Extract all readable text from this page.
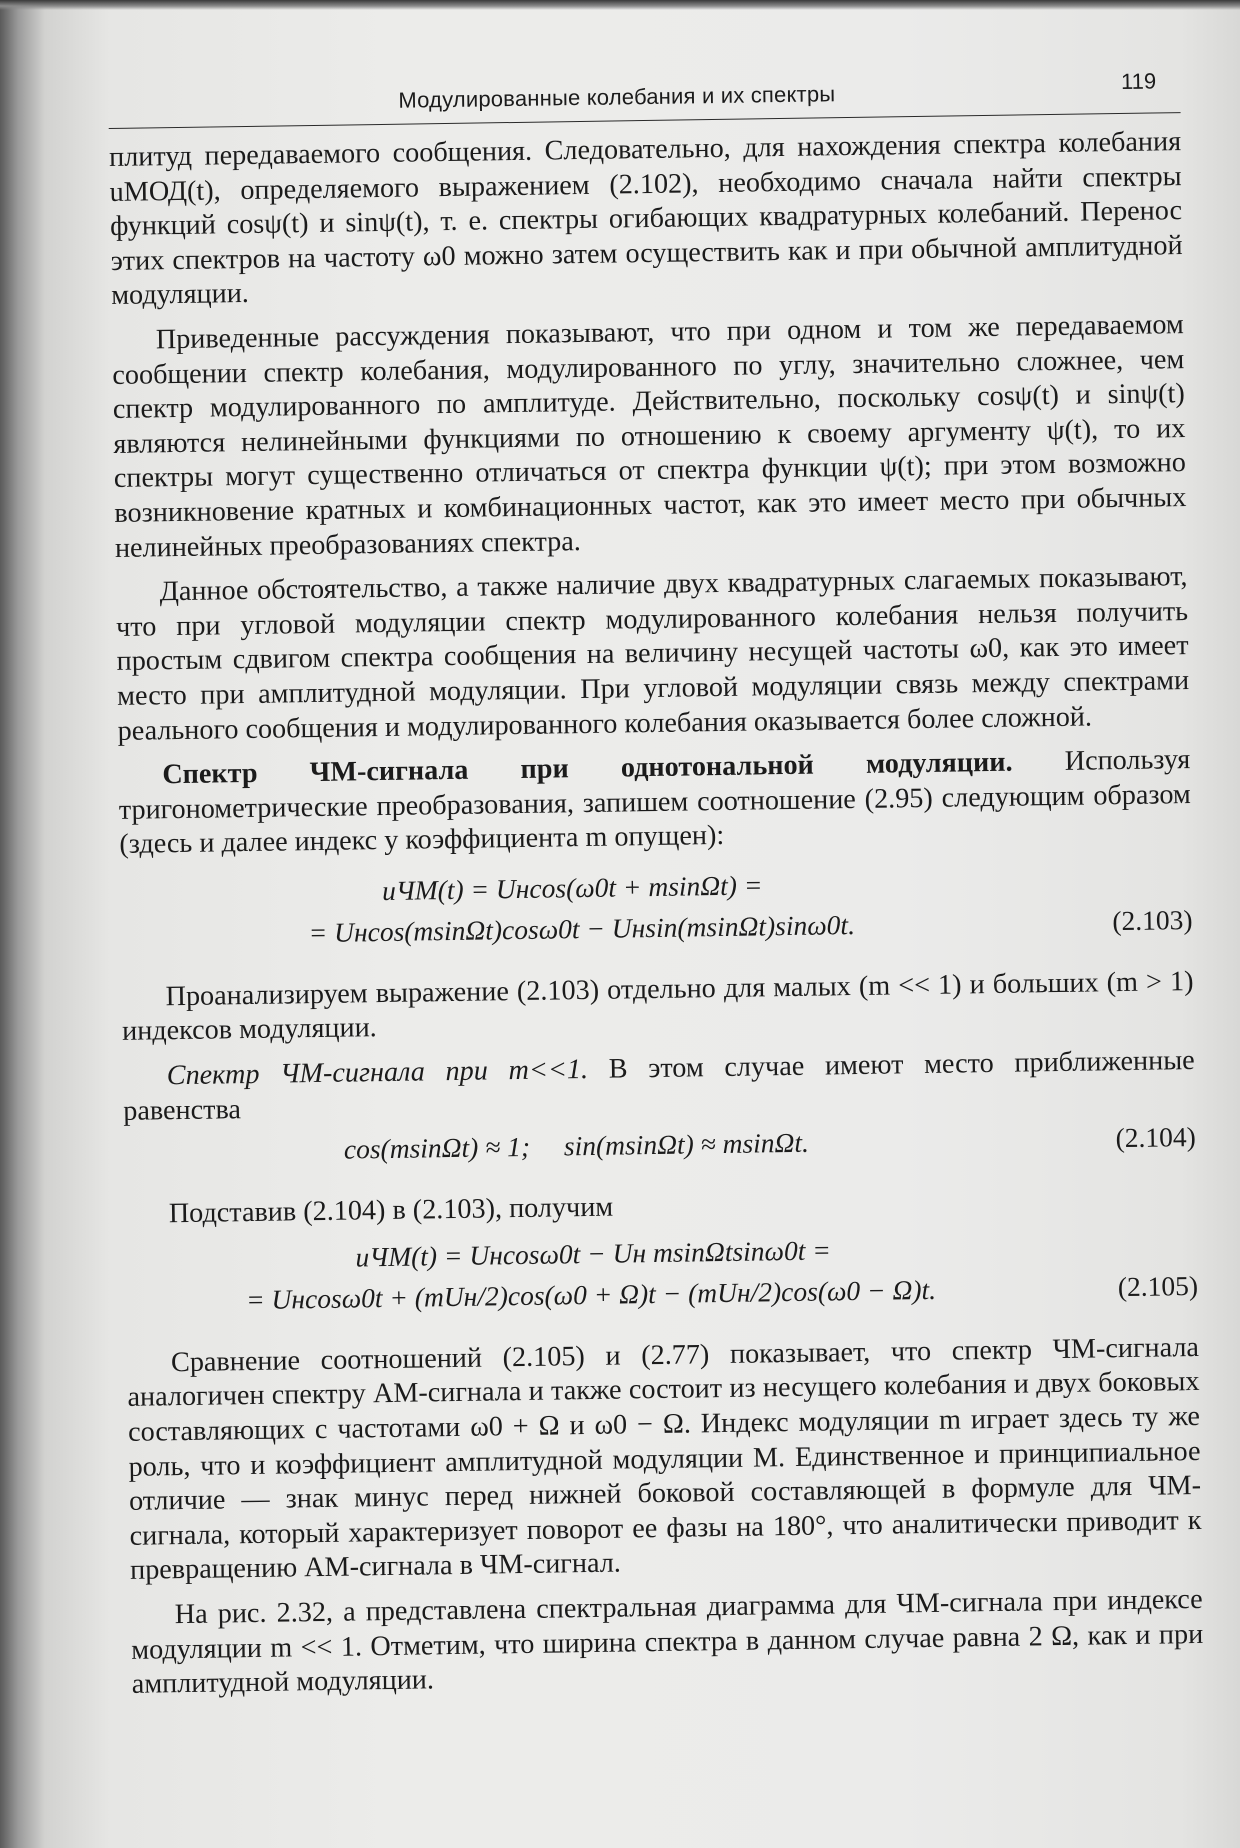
Модулированные колебания и их спектры
119

плитуд передаваемого сообщения. Следовательно, для нахождения спектра колебания uМОД(t), определяемого выражением (2.102), необходимо сначала найти спектры функций cosψ(t) и sinψ(t), т. е. спектры огибающих квадратурных колебаний. Перенос этих спектров на частоту ω0 можно затем осуществить как и при обычной амплитудной модуляции.

Приведенные рассуждения показывают, что при одном и том же передаваемом сообщении спектр колебания, модулированного по углу, значительно сложнее, чем спектр модулированного по амплитуде. Действительно, поскольку cosψ(t) и sinψ(t) являются нелинейными функциями по отношению к своему аргументу ψ(t), то их спектры могут существенно отличаться от спектра функции ψ(t); при этом возможно возникновение кратных и комбинационных частот, как это имеет место при обычных нелинейных преобразованиях спектра.

Данное обстоятельство, а также наличие двух квадратурных слагаемых показывают, что при угловой модуляции спектр модулированного колебания нельзя получить простым сдвигом спектра сообщения на величину несущей частоты ω0, как это имеет место при амплитудной модуляции. При угловой модуляции связь между спектрами реального сообщения и модулированного колебания оказывается более сложной.

Спектр ЧМ-сигнала при однотональной модуляции. Используя тригонометрические преобразования, запишем соотношение (2.95) следующим образом (здесь и далее индекс у коэффициента m опущен):

uЧМ(t) = Uнcos(ω0t + msinΩt) =
= Uнcos(msinΩt)cosω0t − Uнsin(msinΩt)sinω0t.	(2.103)

Проанализируем выражение (2.103) отдельно для малых (m << 1) и больших (m > 1) индексов модуляции.

Спектр ЧМ-сигнала при m<<1. В этом случае имеют место приближенные равенства

cos(msinΩt) ≈ 1; sin(msinΩt) ≈ msinΩt.	(2.104)

Подставив (2.104) в (2.103), получим

uЧМ(t) = Uнcosω0t − Uн msinΩtsinω0t =
= Uнcosω0t + (mUн/2)cos(ω0 + Ω)t − (mUн/2)cos(ω0 − Ω)t.	(2.105)

Сравнение соотношений (2.105) и (2.77) показывает, что спектр ЧМ-сигнала аналогичен спектру АМ-сигнала и также состоит из несущего колебания и двух боковых составляющих с частотами ω0 + Ω и ω0 − Ω. Индекс модуляции m играет здесь ту же роль, что и коэффициент амплитудной модуляции M. Единственное и принципиальное отличие — знак минус перед нижней боковой составляющей в формуле для ЧМ-сигнала, который характеризует поворот ее фазы на 180°, что аналитически приводит к превращению АМ-сигнала в ЧМ-сигнал.

На рис. 2.32, а представлена спектральная диаграмма для ЧМ-сигнала при индексе модуляции m << 1. Отметим, что ширина спектра в данном случае равна 2 Ω, как и при амплитудной модуляции.
